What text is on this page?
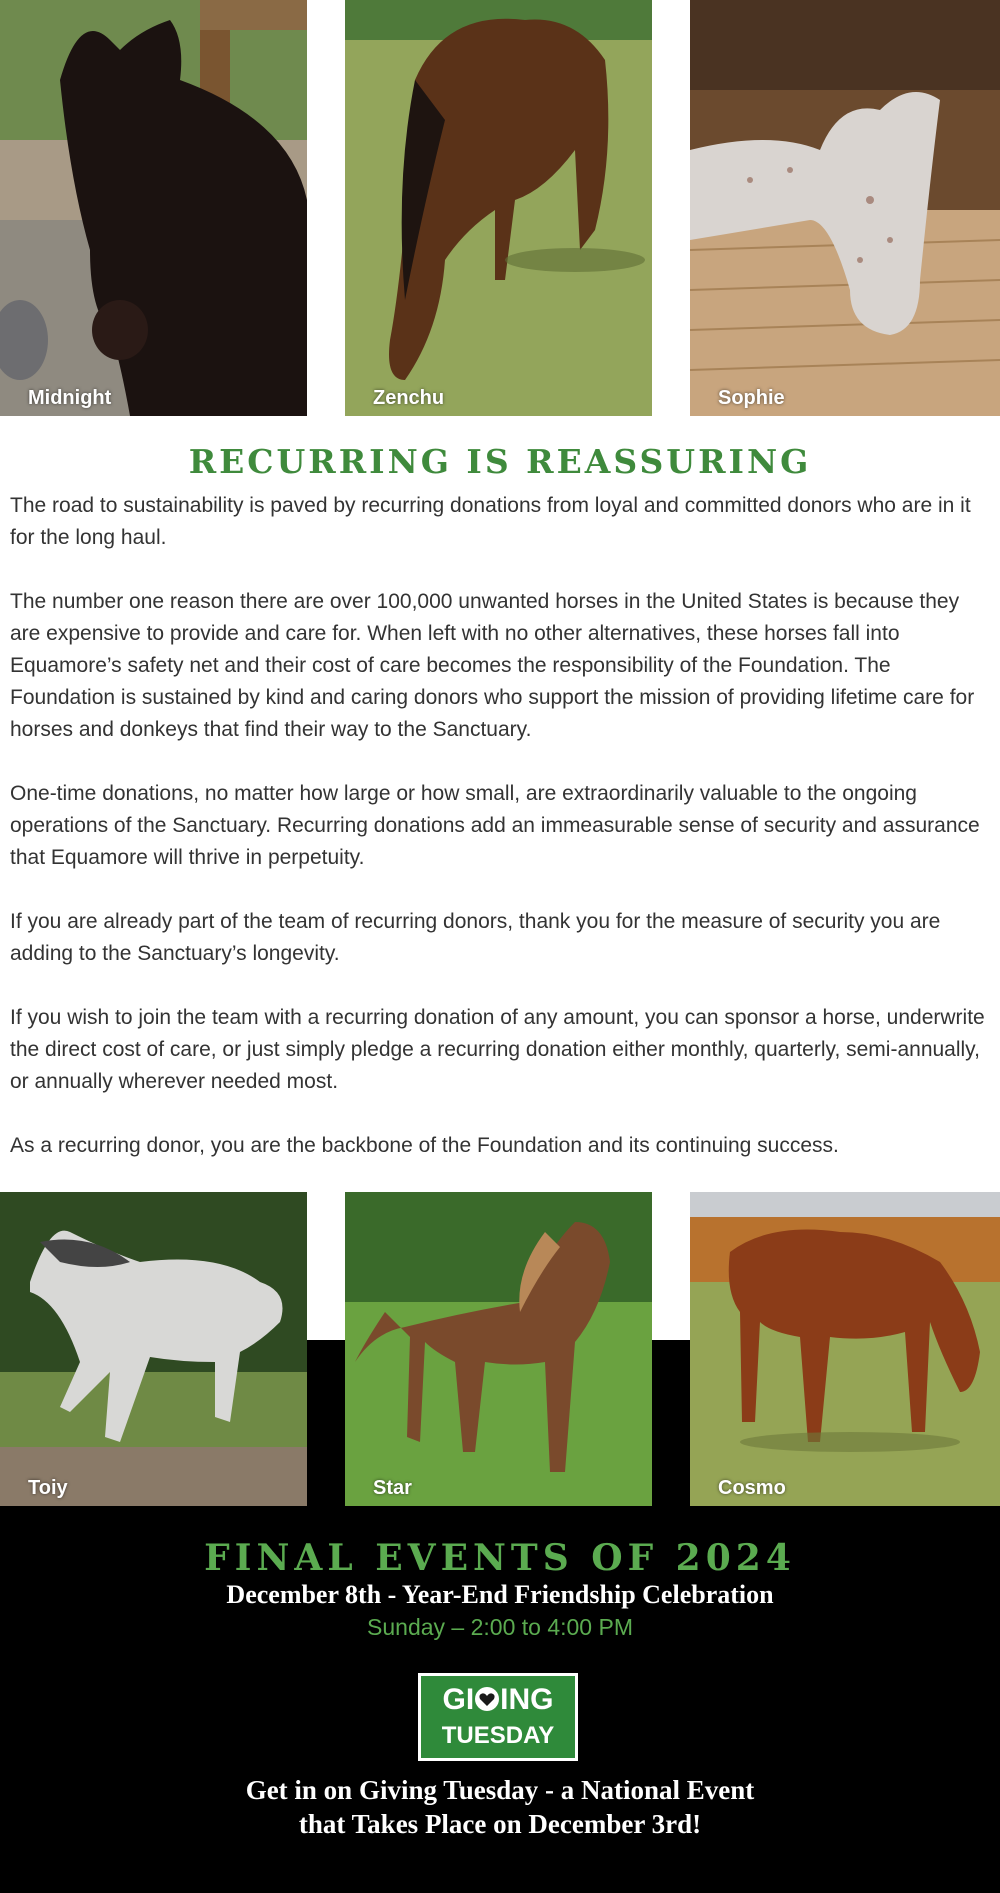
Midnight	Zenchu	Sophie
RECURRING IS REASSURING

The road to sustainability is paved by recurring donations from loyal and committed donors who are in it for the long haul.

The number one reason there are over 100,000 unwanted horses in the United States is because they are expensive to provide and care for. When left with no other alternatives, these horses fall into Equamore’s safety net and their cost of care becomes the responsibility of the Foundation. The Foundation is sustained by kind and caring donors who support the mission of providing lifetime care for horses and donkeys that find their way to the Sanctuary.

One-time donations, no matter how large or how small, are extraordinarily valuable to the ongoing operations of the Sanctuary. Recurring donations add an immeasurable sense of security and assurance that Equamore will thrive in perpetuity.

If you are already part of the team of recurring donors, thank you for the measure of security you are adding to the Sanctuary’s longevity.

If you wish to join the team with a recurring donation of any amount, you can sponsor a horse, underwrite the direct cost of care, or just simply pledge a recurring donation either monthly, quarterly, semi-annually, or annually wherever needed most.

As a recurring donor, you are the backbone of the Foundation and its continuing success.

Toiy	Star	Cosmo
FINAL EVENTS OF 2024
December 8th - Year-End Friendship Celebration
Sunday – 2:00 to 4:00 PM
GI ING
TUESDAY
Get in on Giving Tuesday - a National Event
that Takes Place on December 3rd!
